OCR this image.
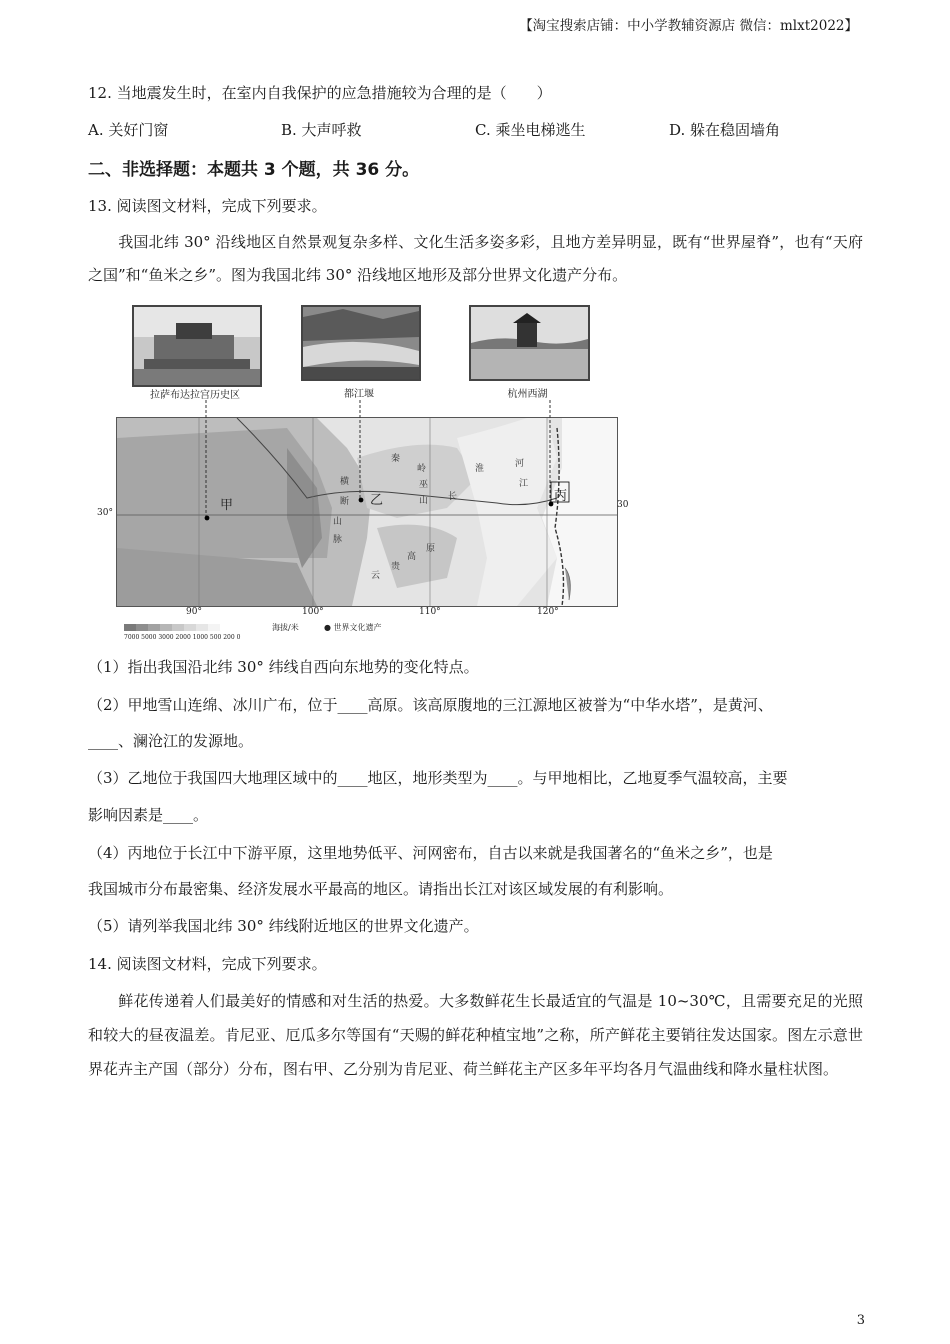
【淘宝搜索店铺：中小学教辅资源店 微信：mlxt2022】
12. 当地震发生时，在室内自我保护的应急措施较为合理的是（　　）
A. 关好门窗	B. 大声呼救	C. 乘坐电梯逃生	D. 躲在稳固墙角
二、非选择题：本题共 3 个题，共 36 分。
13. 阅读图文材料，完成下列要求。
我国北纬 30° 沿线地区自然景观复杂多样、文化生活多姿多彩，且地方差异明显，既有“世界屋脊”，也有“天府之国”和“鱼米之乡”。图为我国北纬 30° 沿线地区地形及部分世界文化遗产分布。
拉萨布达拉宫历史区	都江堰	杭州西湖
甲	乙	丙
横
断
山
脉
秦
岭
巫
山
淮	河
长
江
云
贵
高
原
30°
30
90°	100°	110°	120°
7000 5000 3000 2000 1000 500 200 0
海拔/米	● 世界文化遗产
（1）指出我国沿北纬 30° 纬线自西向东地势的变化特点。
（2）甲地雪山连绵、冰川广布，位于____高原。该高原腹地的三江源地区被誉为“中华水塔”，是黄河、
____、澜沧江的发源地。
（3）乙地位于我国四大地理区域中的____地区，地形类型为____。与甲地相比，乙地夏季气温较高，主要
影响因素是____。
（4）丙地位于长江中下游平原，这里地势低平、河网密布，自古以来就是我国著名的“鱼米之乡”，也是
我国城市分布最密集、经济发展水平最高的地区。请指出长江对该区域发展的有利影响。
（5）请列举我国北纬 30° 纬线附近地区的世界文化遗产。
14. 阅读图文材料，完成下列要求。
鲜花传递着人们最美好的情感和对生活的热爱。大多数鲜花生长最适宜的气温是 10~30℃，且需要充足的光照和较大的昼夜温差。肯尼亚、厄瓜多尔等国有“天赐的鲜花种植宝地”之称，所产鲜花主要销往发达国家。图左示意世界花卉主产国（部分）分布，图右甲、乙分别为肯尼亚、荷兰鲜花主产区多年平均各月气温曲线和降水量柱状图。
3
